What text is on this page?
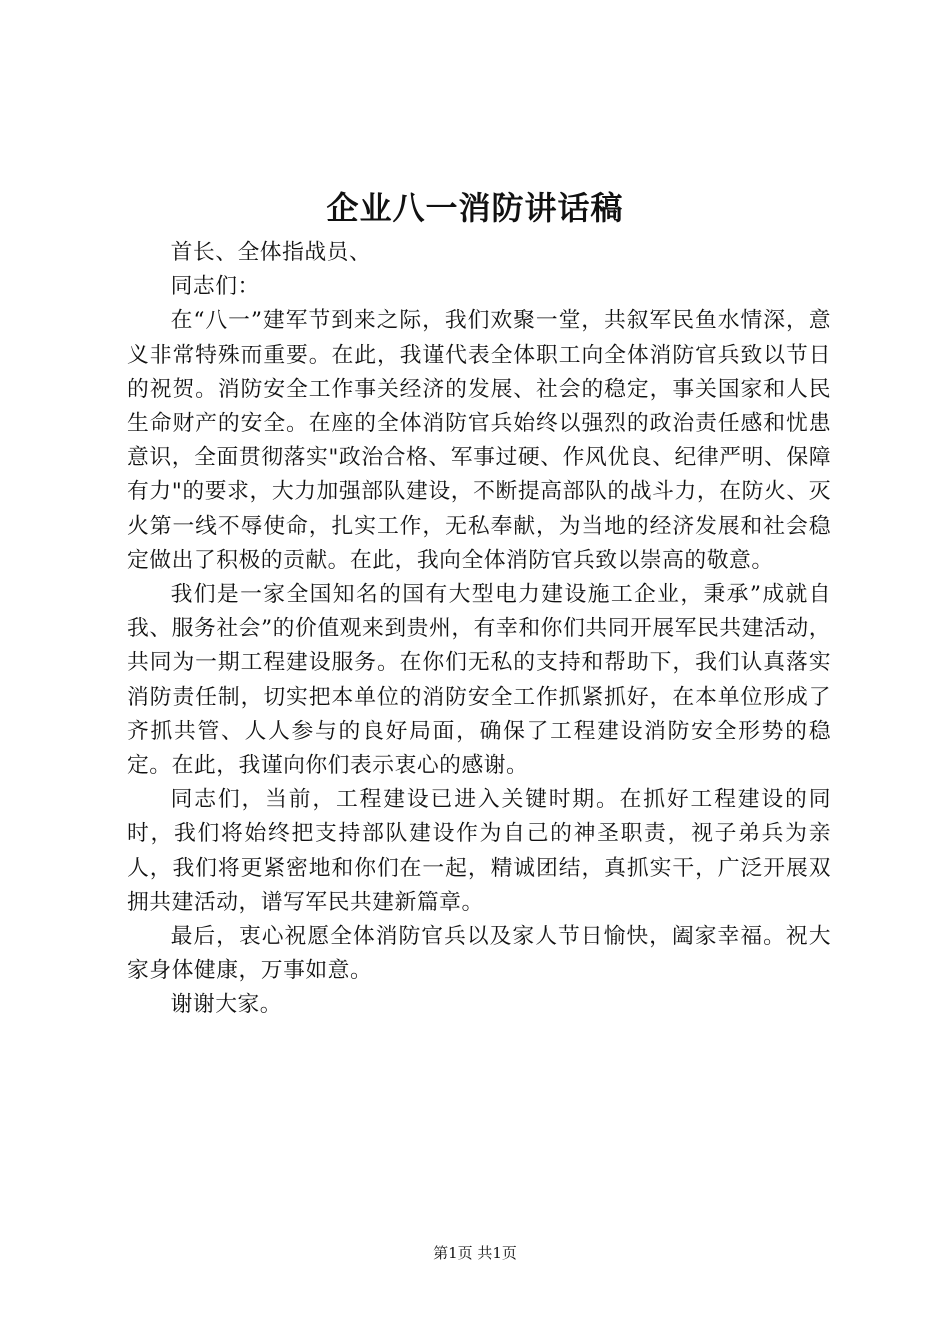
企业八一消防讲话稿

首长、全体指战员、

同志们：

在“八一”建军节到来之际，我们欢聚一堂，共叙军民鱼水情深，意义非常特殊而重要。在此，我谨代表全体职工向全体消防官兵致以节日的祝贺。消防安全工作事关经济的发展、社会的稳定，事关国家和人民生命财产的安全。在座的全体消防官兵始终以强烈的政治责任感和忧患意识，全面贯彻落实"政治合格、军事过硬、作风优良、纪律严明、保障有力"的要求，大力加强部队建设，不断提高部队的战斗力，在防火、灭火第一线不辱使命，扎实工作，无私奉献，为当地的经济发展和社会稳定做出了积极的贡献。在此，我向全体消防官兵致以崇高的敬意。

我们是一家全国知名的国有大型电力建设施工企业，秉承”成就自我、服务社会”的价值观来到贵州，有幸和你们共同开展军民共建活动，共同为一期工程建设服务。在你们无私的支持和帮助下，我们认真落实消防责任制，切实把本单位的消防安全工作抓紧抓好，在本单位形成了齐抓共管、人人参与的良好局面，确保了工程建设消防安全形势的稳定。在此，我谨向你们表示衷心的感谢。

同志们，当前，工程建设已进入关键时期。在抓好工程建设的同时，我们将始终把支持部队建设作为自己的神圣职责，视子弟兵为亲人，我们将更紧密地和你们在一起，精诚团结，真抓实干，广泛开展双拥共建活动，谱写军民共建新篇章。

最后，衷心祝愿全体消防官兵以及家人节日愉快，阖家幸福。祝大家身体健康，万事如意。

谢谢大家。

第1页 共1页
